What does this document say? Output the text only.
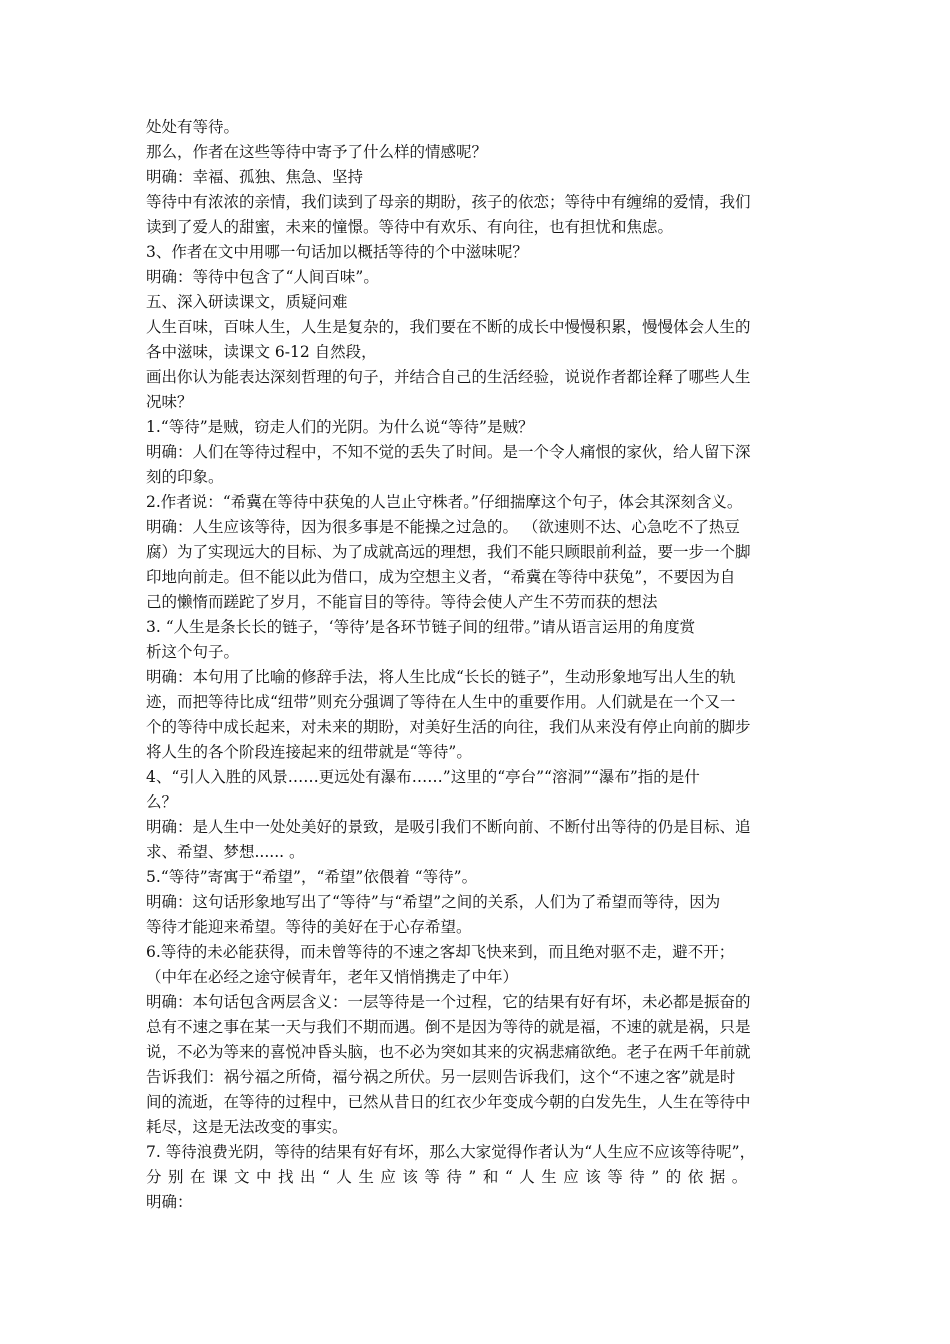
处处有等待。
那么，作者在这些等待中寄予了什么样的情感呢？
明确：幸福、孤独、焦急、坚持
等待中有浓浓的亲情，我们读到了母亲的期盼，孩子的依恋；等待中有缠绵的爱情，我们
读到了爱人的甜蜜，未来的憧憬。等待中有欢乐、有向往，也有担忧和焦虑。
3、作者在文中用哪一句话加以概括等待的个中滋味呢？
明确：等待中包含了“人间百味”。
五、深入研读课文，质疑问难
人生百味，百味人生，人生是复杂的，我们要在不断的成长中慢慢积累，慢慢体会人生的
各中滋味，读课文 6-12 自然段，
画出你认为能表达深刻哲理的句子，并结合自己的生活经验，说说作者都诠释了哪些人生
况味？
1.“等待”是贼，窃走人们的光阴。为什么说“等待”是贼？
明确：人们在等待过程中，不知不觉的丢失了时间。是一个令人痛恨的家伙，给人留下深
刻的印象。
2.作者说：“希冀在等待中获兔的人岂止守株者。”仔细揣摩这个句子，体会其深刻含义。
明确：人生应该等待，因为很多事是不能操之过急的。 （欲速则不达、心急吃不了热豆
腐）为了实现远大的目标、为了成就高远的理想，我们不能只顾眼前利益，要一步一个脚
印地向前走。但不能以此为借口，成为空想主义者，“希冀在等待中获兔”，不要因为自
己的懒惰而蹉跎了岁月，不能盲目的等待。等待会使人产生不劳而获的想法
3. “人生是条长长的链子，‘等待’是各环节链子间的纽带。”请从语言运用的角度赏
析这个句子。
明确：本句用了比喻的修辞手法，将人生比成“长长的链子”，生动形象地写出人生的轨
迹，而把等待比成“纽带”则充分强调了等待在人生中的重要作用。人们就是在一个又一
个的等待中成长起来，对未来的期盼，对美好生活的向往，我们从来没有停止向前的脚步
将人生的各个阶段连接起来的纽带就是“等待”。
4、“引人入胜的风景……更远处有瀑布……”这里的“亭台”“溶洞”“瀑布”指的是什
么？
明确：是人生中一处处美好的景致，是吸引我们不断向前、不断付出等待的仍是目标、追
求、希望、梦想...... 。
5.“等待”寄寓于“希望”，“希望”依偎着 “等待”。
明确：这句话形象地写出了“等待”与“希望”之间的关系，人们为了希望而等待，因为
等待才能迎来希望。等待的美好在于心存希望。
6.等待的未必能获得，而未曾等待的不速之客却飞快来到，而且绝对驱不走，避不开；
（中年在必经之途守候青年，老年又悄悄携走了中年）
明确：本句话包含两层含义：一层等待是一个过程，它的结果有好有坏，未必都是振奋的
总有不速之事在某一天与我们不期而遇。倒不是因为等待的就是福，不速的就是祸，只是
说，不必为等来的喜悦冲昏头脑，也不必为突如其来的灾祸悲痛欲绝。老子在两千年前就
告诉我们：祸兮福之所倚，福兮祸之所伏。另一层则告诉我们，这个“不速之客”就是时
间的流逝，在等待的过程中，已然从昔日的红衣少年变成今朝的白发先生，人生在等待中
耗尽，这是无法改变的事实。
7. 等待浪费光阴，等待的结果有好有坏，那么大家觉得作者认为“人生应不应该等待呢”，
分别在课文中找出“人生应该等待”和“人生应该等待”的依据。
明确：
